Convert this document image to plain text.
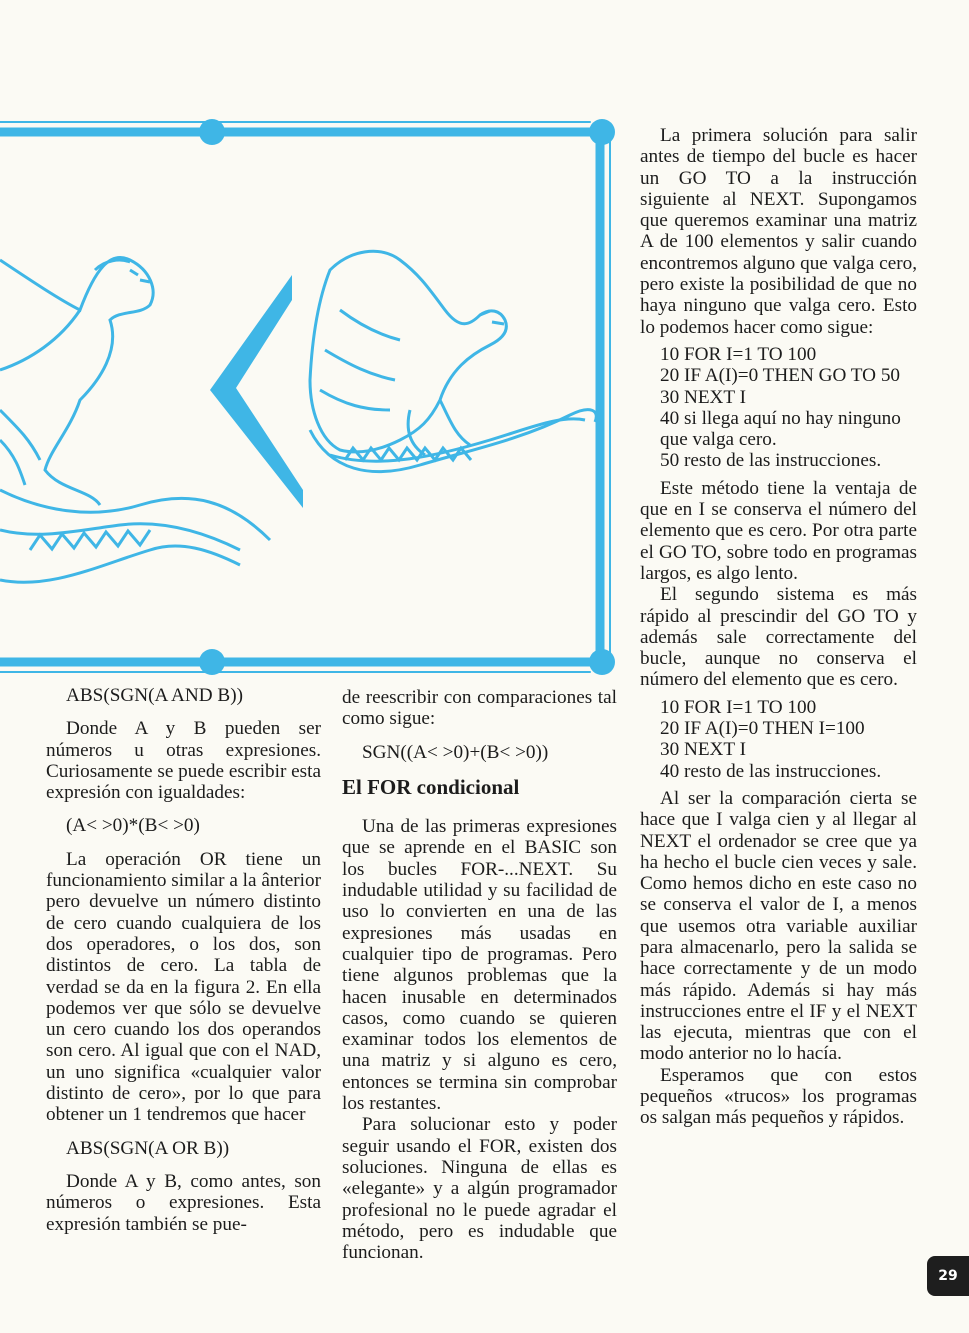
ABS(SGN(A AND B))

Donde A y B pueden ser números u otras expresiones. Curiosamente se puede escribir esta expresión con igualdades:

(A< >0)*(B< >0)

La operación OR tiene un funcionamiento similar a la ânterior pero devuelve un número distinto de cero cuando cualquiera de los dos operadores, o los dos, son distintos de cero. La tabla de verdad se da en la figura 2. En ella podemos ver que sólo se devuelve un cero cuando los dos operandos son cero. Al igual que con el NAD, un uno significa «cualquier valor distinto de cero», por lo que para obtener un 1 tendremos que hacer

ABS(SGN(A OR B))

Donde A y B, como antes, son números o expresiones. Esta expresión también se pue-

de reescribir con comparaciones tal como sigue:

SGN((A< >0)+(B< >0))

El FOR condicional

Una de las primeras expresiones que se aprende en el BASIC son los bucles FOR-...NEXT. Su indudable utilidad y su facilidad de uso lo convierten en una de las expresiones más usadas en cualquier tipo de programas. Pero tiene algunos problemas que la hacen inusable en determinados casos, como cuando se quieren examinar todos los elementos de una matriz y si alguno es cero, entonces se termina sin comprobar los restantes.

Para solucionar esto y poder seguir usando el FOR, existen dos soluciones. Ninguna de ellas es «elegante» y a algún programador profesional no le puede agradar el método, pero es indudable que funcionan.

La primera solución para salir antes de tiempo del bucle es hacer un GO TO a la instrucción siguiente al NEXT. Supongamos que queremos examinar una matriz A de 100 elementos y salir cuando encontremos alguno que valga cero, pero existe la posibilidad de que no haya ninguno que valga cero. Esto lo podemos hacer como sigue:

10 FOR I=1 TO 100
20 IF A(I)=0 THEN GO TO 50
30 NEXT I
40 si llega aquí no hay ninguno que valga cero.
50 resto de las instrucciones.

Este método tiene la ventaja de que en I se conserva el número del elemento que es cero. Por otra parte el GO TO, sobre todo en programas largos, es algo lento.

El segundo sistema es más rápido al prescindir del GO TO y además sale correctamente del bucle, aunque no conserva el número del elemento que es cero.

10 FOR I=1 TO 100
20 IF A(I)=0 THEN I=100
30 NEXT I
40 resto de las instrucciones.

Al ser la comparación cierta se hace que I valga cien y al llegar al NEXT el ordenador se cree que ya ha hecho el bucle cien veces y sale. Como hemos dicho en este caso no se conserva el valor de I, a menos que usemos otra variable auxiliar para almacenarlo, pero la salida se hace correctamente y de un modo más rápido. Además si hay más instrucciones entre el IF y el NEXT las ejecuta, mientras que con el modo anterior no lo hacía.

Esperamos que con estos pequeños «trucos» los programas os salgan más pequeños y rápidos.

29
